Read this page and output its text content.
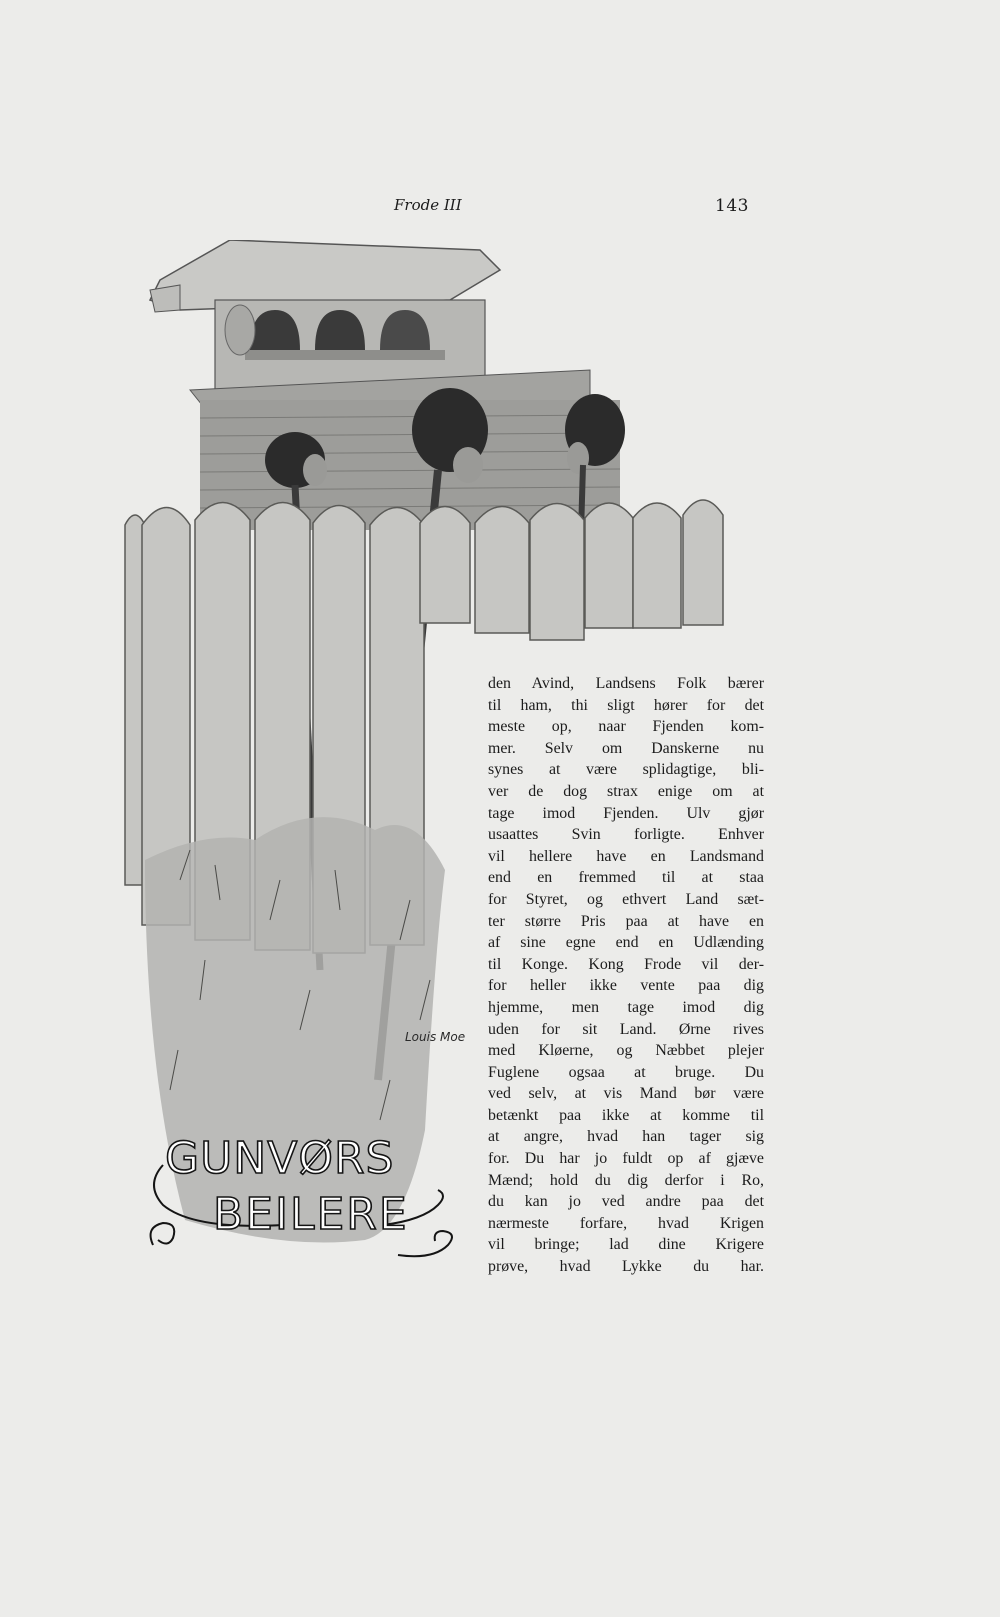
Frode III	143
den Avind, Landsens Folk bærer
til ham, thi sligt hører for det
meste op, naar Fjenden kom-
mer. Selv om Danskerne nu
synes at være splidagtige, bli-
ver de dog strax enige om at
tage imod Fjenden. Ulv gjør
usaattes Svin forligte. Enhver
vil hellere have en Landsmand
end en fremmed til at staa
for Styret, og ethvert Land sæt-
ter større Pris paa at have en
af sine egne end en Udlænding
til Konge. Kong Frode vil der-
for heller ikke vente paa dig
hjemme, men tage imod dig
uden for sit Land. Ørne rives
med Kløerne, og Næbbet plejer
Fuglene ogsaa at bruge. Du
ved selv, at vis Mand bør være
betænkt paa ikke at komme til
at angre, hvad han tager sig
for. Du har jo fuldt op af gjæve
Mænd; hold du dig derfor i Ro,
du kan jo ved andre paa det
nærmeste forfare, hvad Krigen
vil bringe; lad dine Krigere
prøve, hvad Lykke du har.
Louis Moe
GUNVØRS
BEILERE
